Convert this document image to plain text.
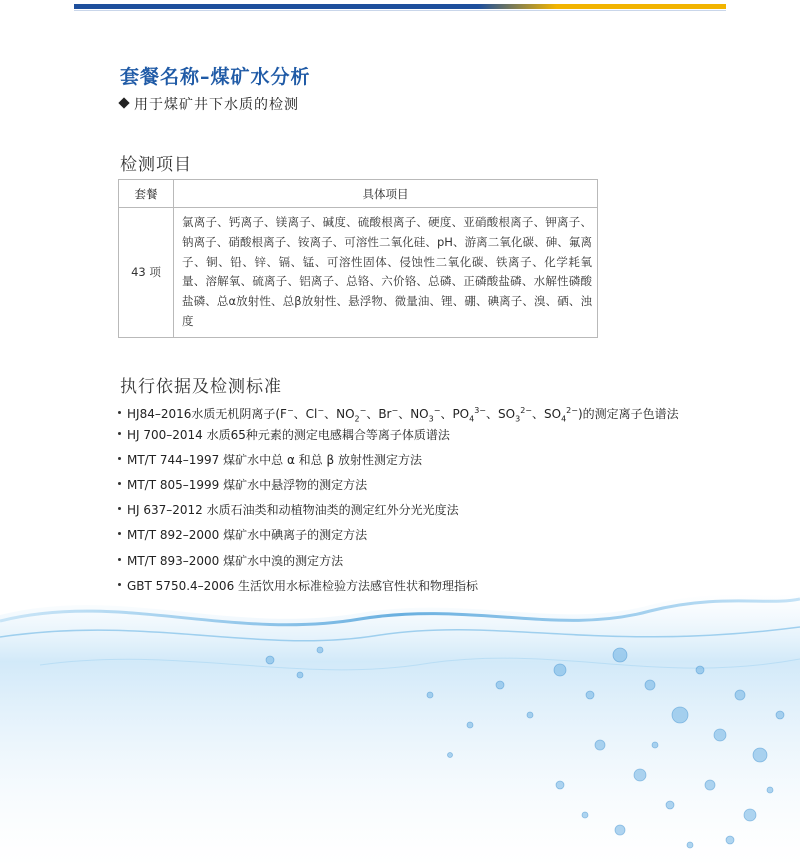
套餐名称–煤矿水分析
用于煤矿井下水质的检测
检测项目
套餐	具体项目
43 项	氯离子、钙离子、镁离子、碱度、硫酸根离子、硬度、亚硝酸根离子、钾离子、钠离子、硝酸根离子、铵离子、可溶性二氧化硅、pH、游离二氧化碳、砷、氟离子、铜、铅、锌、镉、锰、可溶性固体、侵蚀性二氧化碳、铁离子、化学耗氧量、溶解氧、硫离子、铝离子、总铬、六价铬、总磷、正磷酸盐磷、水解性磷酸盐磷、总α放射性、总β放射性、悬浮物、微量油、锂、硼、碘离子、溴、硒、浊度
执行依据及检测标准
HJ84–2016水质无机阴离子(F−、Cl−、$NO_2^-$、Br−、$NO_3^-$、$PO_4^{3-}$、$SO_3^{2-}$、$SO_4^{2-}$)的测定离子色谱法
HJ 700–2014 水质65种元素的测定电感耦合等离子体质谱法
MT/T 744–1997 煤矿水中总 α 和总 β 放射性测定方法
MT/T 805–1999 煤矿水中悬浮物的测定方法
HJ 637–2012 水质石油类和动植物油类的测定红外分光光度法
MT/T 892–2000 煤矿水中碘离子的测定方法
MT/T 893–2000 煤矿水中溴的测定方法
GBT 5750.4–2006 生活饮用水标准检验方法感官性状和物理指标
